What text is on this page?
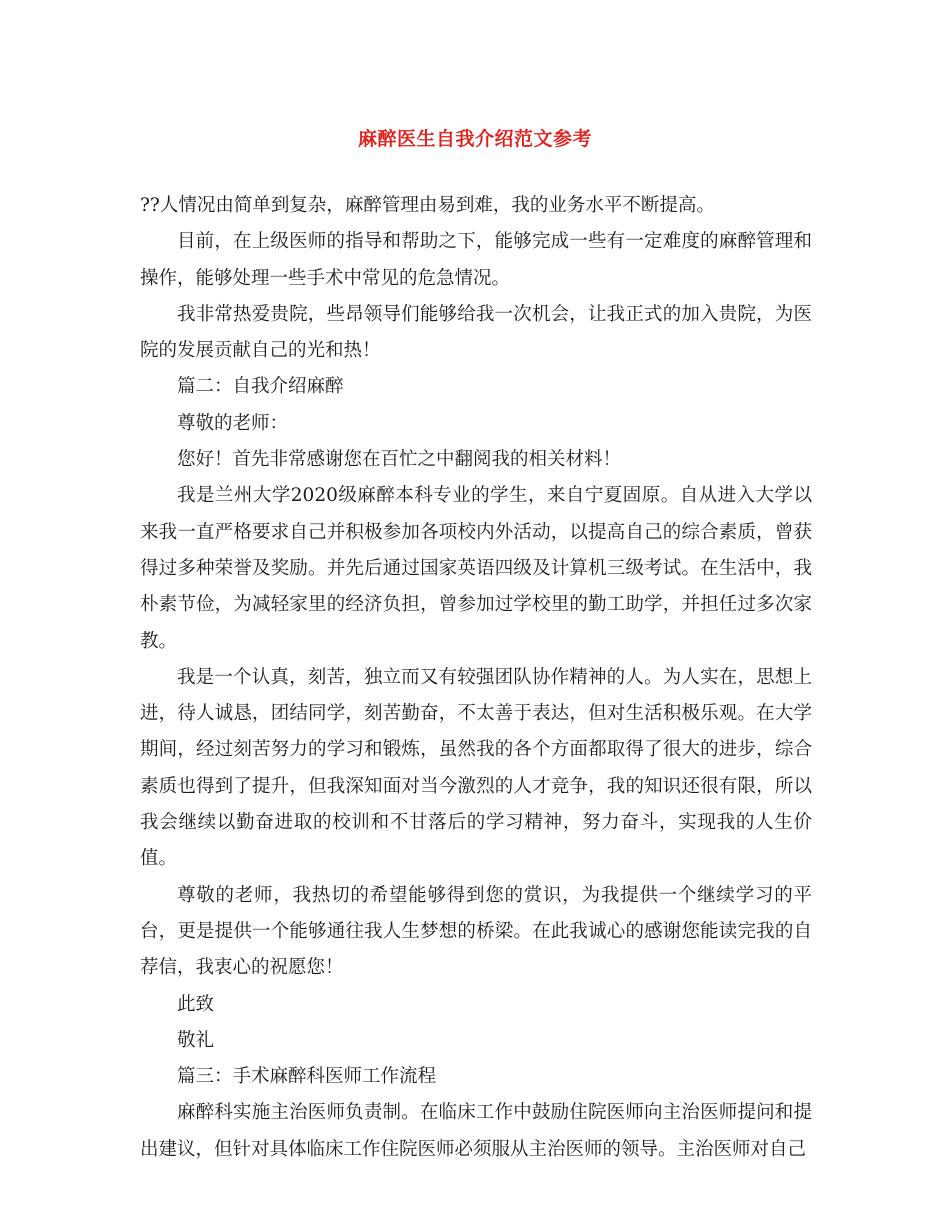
麻醉医生自我介绍范文参考

??人情况由简单到复杂，麻醉管理由易到难，我的业务水平不断提高。

目前，在上级医师的指导和帮助之下，能够完成一些有一定难度的麻醉管理和操作，能够处理一些手术中常见的危急情况。

我非常热爱贵院，些昂领导们能够给我一次机会，让我正式的加入贵院，为医院的发展贡献自己的光和热！

篇二：自我介绍麻醉

尊敬的老师：

您好！首先非常感谢您在百忙之中翻阅我的相关材料！

我是兰州大学2020级麻醉本科专业的学生，来自宁夏固原。自从进入大学以来我一直严格要求自己并积极参加各项校内外活动，以提高自己的综合素质，曾获得过多种荣誉及奖励。并先后通过国家英语四级及计算机三级考试。在生活中，我朴素节俭，为减轻家里的经济负担，曾参加过学校里的勤工助学，并担任过多次家教。

我是一个认真，刻苦，独立而又有较强团队协作精神的人。为人实在，思想上进，待人诚恳，团结同学，刻苦勤奋，不太善于表达，但对生活积极乐观。在大学期间，经过刻苦努力的学习和锻炼，虽然我的各个方面都取得了很大的进步，综合素质也得到了提升，但我深知面对当今激烈的人才竞争，我的知识还很有限，所以我会继续以勤奋进取的校训和不甘落后的学习精神，努力奋斗，实现我的人生价值。

尊敬的老师，我热切的希望能够得到您的赏识，为我提供一个继续学习的平台，更是提供一个能够通往我人生梦想的桥梁。在此我诚心的感谢您能读完我的自荐信，我衷心的祝愿您！

此致

敬礼

篇三：手术麻醉科医师工作流程

麻醉科实施主治医师负责制。在临床工作中鼓励住院医师向主治医师提问和提出建议，但针对具体临床工作住院医师必须服从主治医师的领导。主治医师对自己
